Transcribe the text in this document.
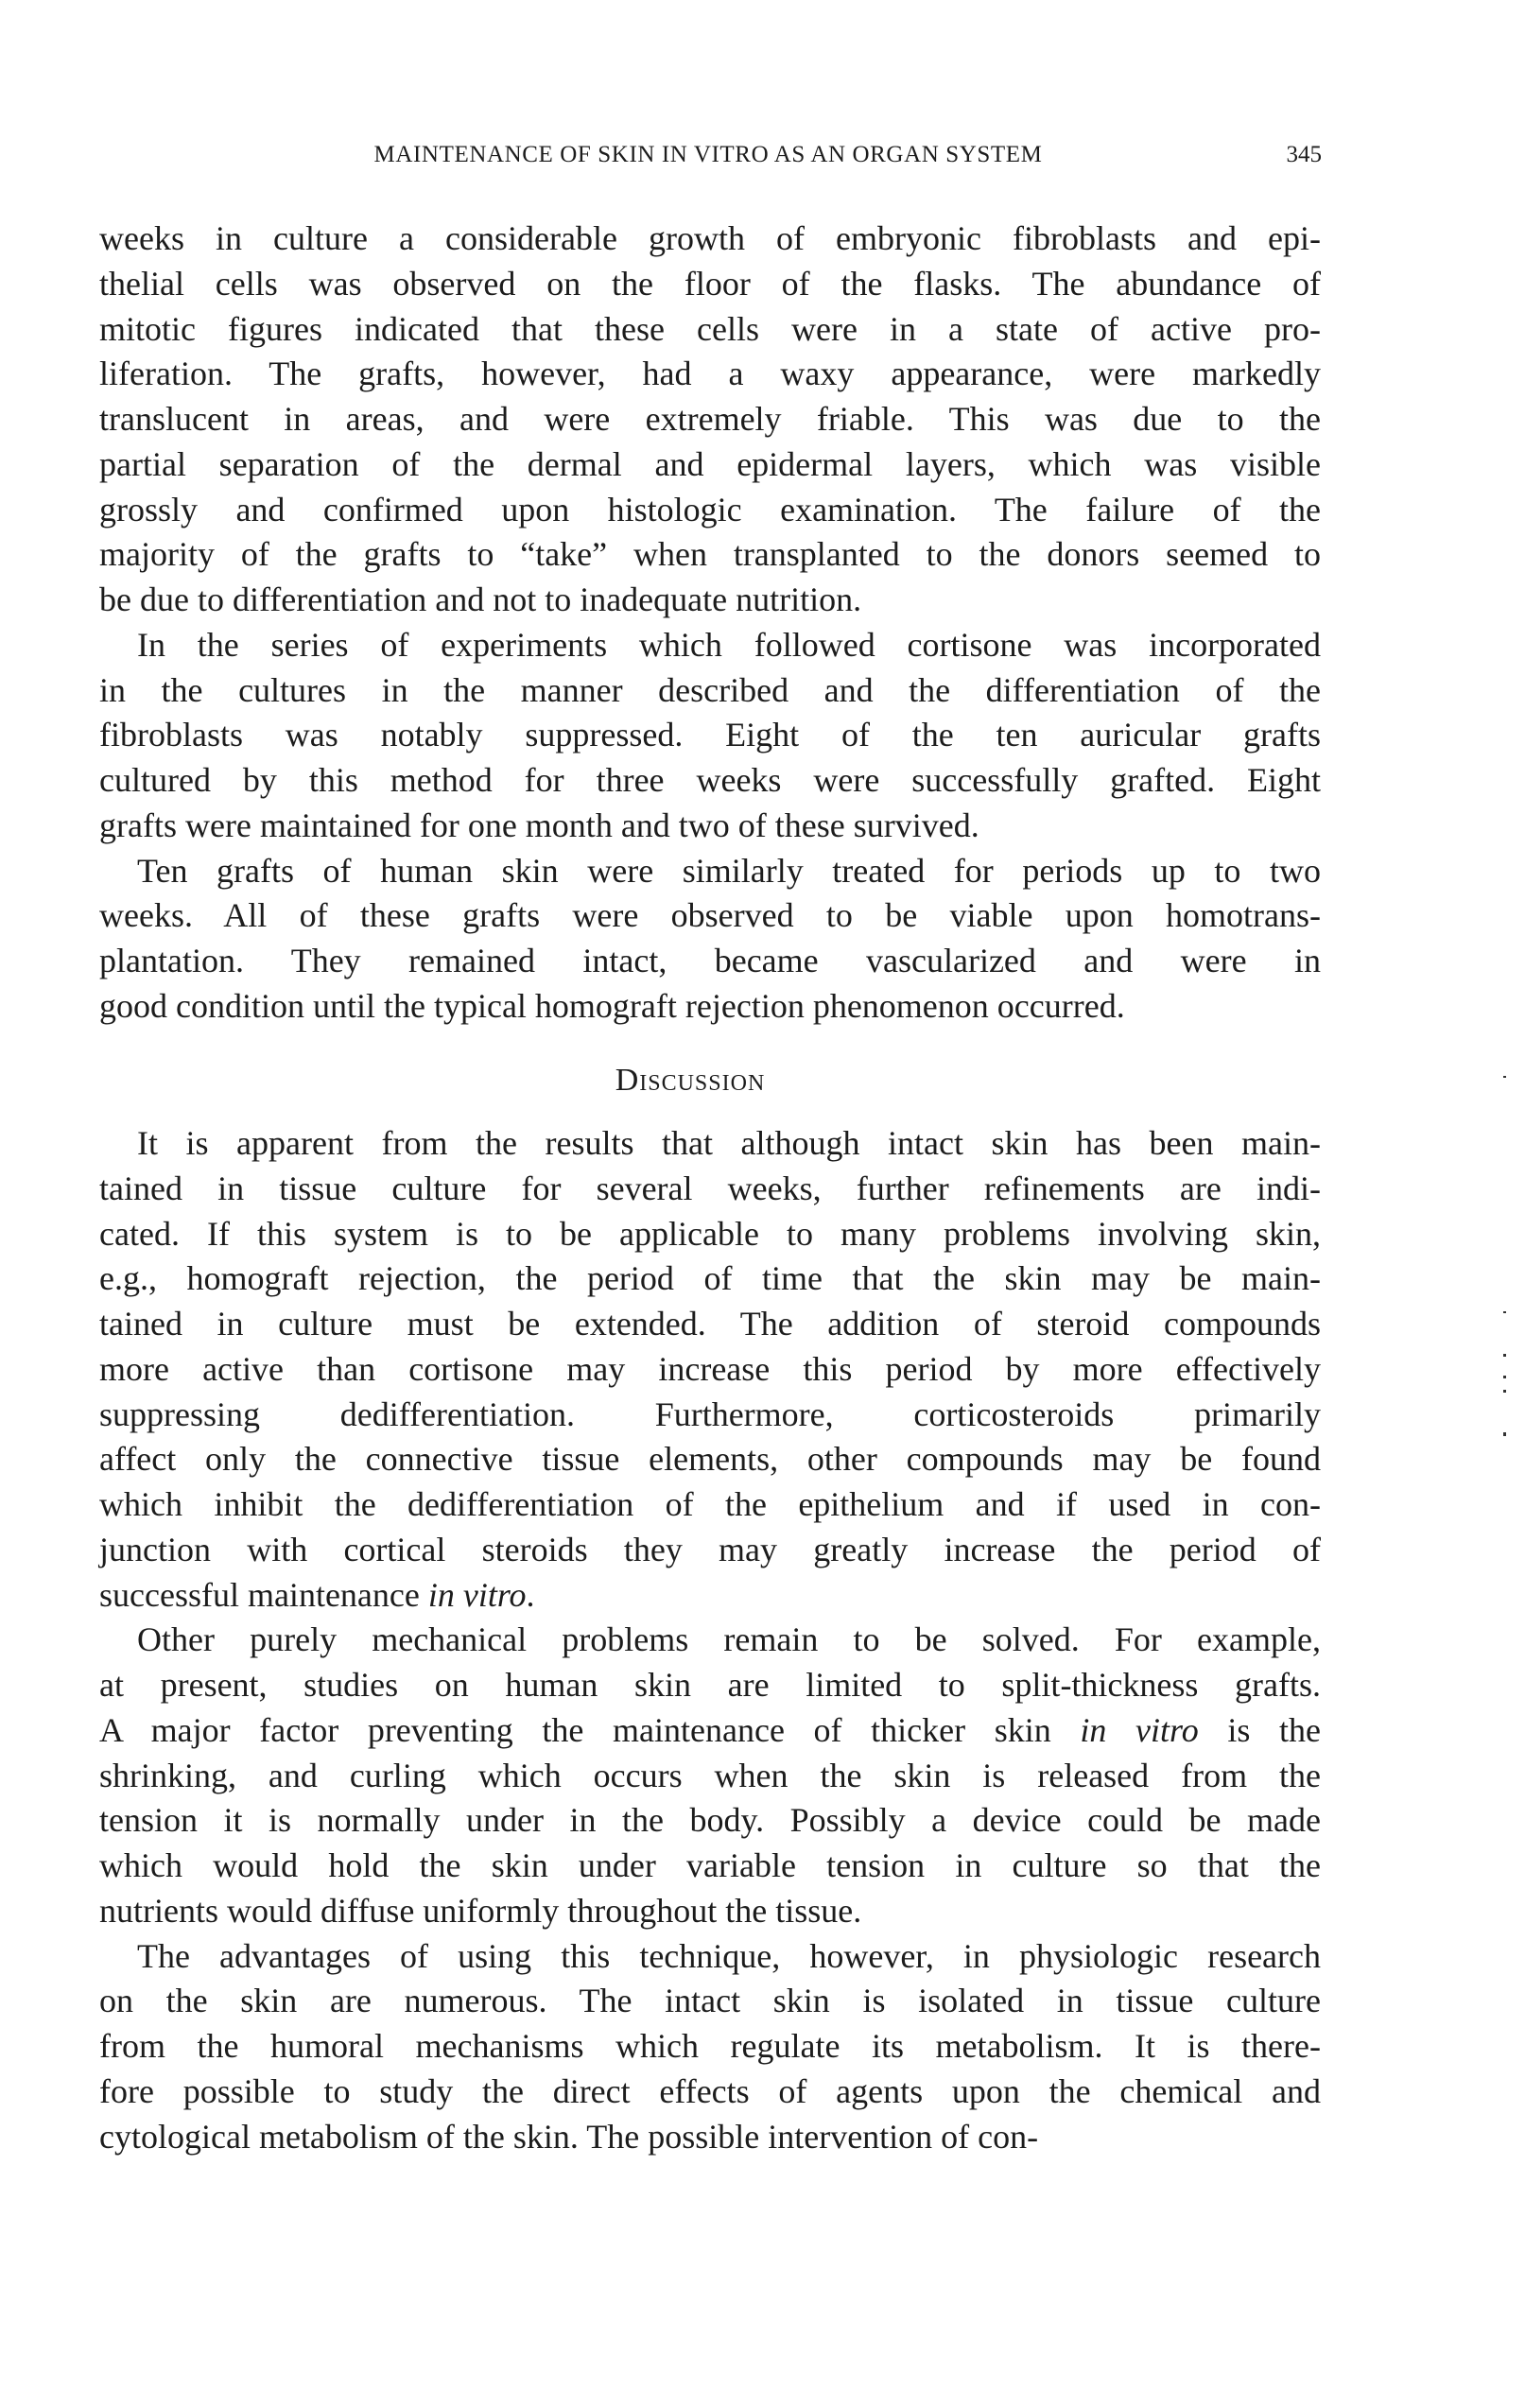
MAINTENANCE OF SKIN IN VITRO AS AN ORGAN SYSTEM	345
weeks in culture a considerable growth of embryonic fibroblasts and epi-
thelial cells was observed on the floor of the flasks. The abundance of
mitotic figures indicated that these cells were in a state of active pro-
liferation. The grafts, however, had a waxy appearance, were markedly
translucent in areas, and were extremely friable. This was due to the
partial separation of the dermal and epidermal layers, which was visible
grossly and confirmed upon histologic examination. The failure of the
majority of the grafts to “take” when transplanted to the donors seemed to
be due to differentiation and not to inadequate nutrition.
In the series of experiments which followed cortisone was incorporated
in the cultures in the manner described and the differentiation of the
fibroblasts was notably suppressed. Eight of the ten auricular grafts
cultured by this method for three weeks were successfully grafted. Eight
grafts were maintained for one month and two of these survived.
Ten grafts of human skin were similarly treated for periods up to two
weeks. All of these grafts were observed to be viable upon homotrans-
plantation. They remained intact, became vascularized and were in
good condition until the typical homograft rejection phenomenon occurred.
Discussion
It is apparent from the results that although intact skin has been main-
tained in tissue culture for several weeks, further refinements are indi-
cated. If this system is to be applicable to many problems involving skin,
e.g., homograft rejection, the period of time that the skin may be main-
tained in culture must be extended. The addition of steroid compounds
more active than cortisone may increase this period by more effectively
suppressing dedifferentiation. Furthermore, corticosteroids primarily
affect only the connective tissue elements, other compounds may be found
which inhibit the dedifferentiation of the epithelium and if used in con-
junction with cortical steroids they may greatly increase the period of
successful maintenance in vitro.
Other purely mechanical problems remain to be solved. For example,
at present, studies on human skin are limited to split-thickness grafts.
A major factor preventing the maintenance of thicker skin in vitro is the
shrinking, and curling which occurs when the skin is released from the
tension it is normally under in the body. Possibly a device could be made
which would hold the skin under variable tension in culture so that the
nutrients would diffuse uniformly throughout the tissue.
The advantages of using this technique, however, in physiologic research
on the skin are numerous. The intact skin is isolated in tissue culture
from the humoral mechanisms which regulate its metabolism. It is there-
fore possible to study the direct effects of agents upon the chemical and
cytological metabolism of the skin. The possible intervention of con-
